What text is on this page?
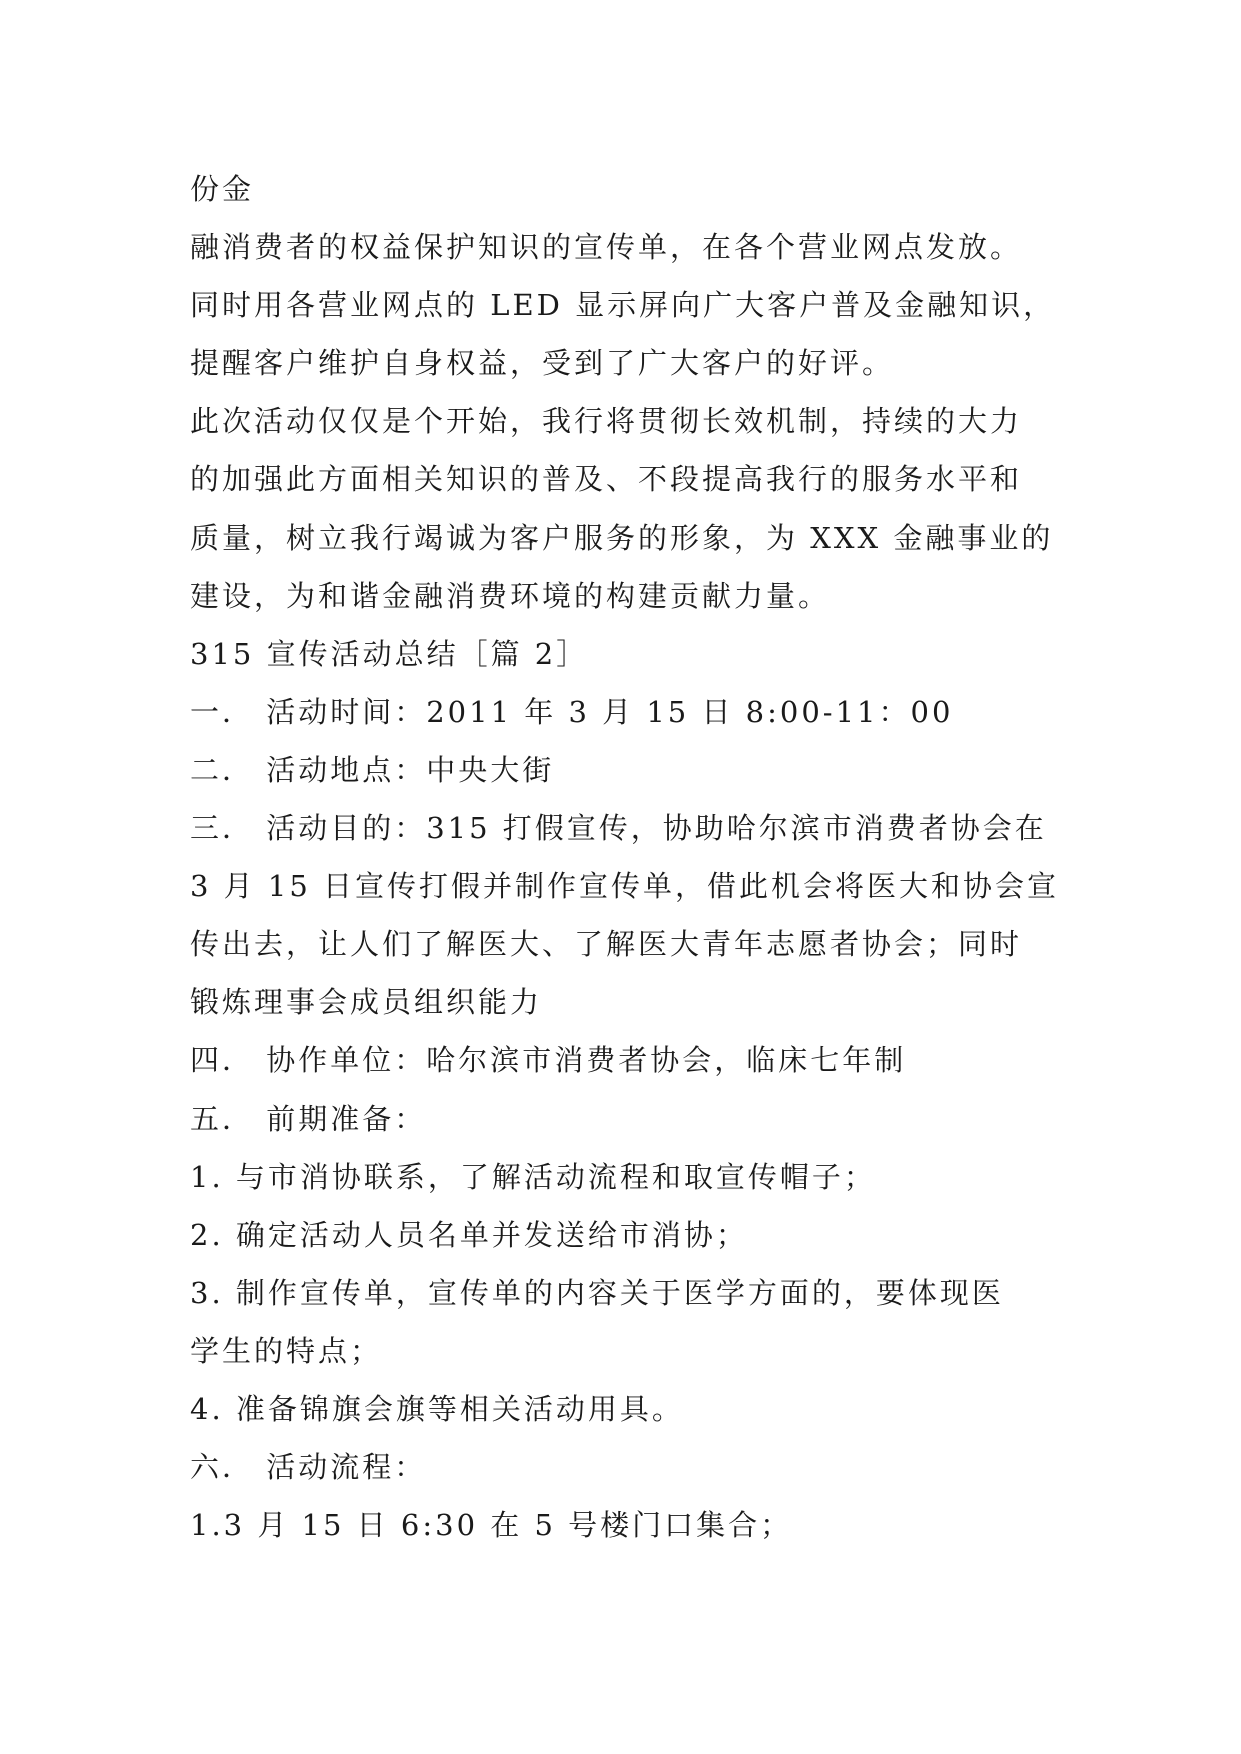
份金
融消费者的权益保护知识的宣传单，在各个营业网点发放。
同时用各营业网点的 LED 显示屏向广大客户普及金融知识，
提醒客户维护自身权益，受到了广大客户的好评。
此次活动仅仅是个开始，我行将贯彻长效机制，持续的大力
的加强此方面相关知识的普及、不段提高我行的服务水平和
质量，树立我行竭诚为客户服务的形象，为 XXX 金融事业的
建设，为和谐金融消费环境的构建贡献力量。
315 宣传活动总结［篇 2］
一． 活动时间：2011 年 3 月 15 日 8:00-11：00
二． 活动地点：中央大街
三． 活动目的：315 打假宣传，协助哈尔滨市消费者协会在
3 月 15 日宣传打假并制作宣传单，借此机会将医大和协会宣
传出去，让人们了解医大、了解医大青年志愿者协会；同时
锻炼理事会成员组织能力
四． 协作单位：哈尔滨市消费者协会，临床七年制
五． 前期准备：
1. 与市消协联系，了解活动流程和取宣传帽子；
2. 确定活动人员名单并发送给市消协；
3. 制作宣传单，宣传单的内容关于医学方面的，要体现医
学生的特点；
4. 准备锦旗会旗等相关活动用具。
六． 活动流程：
1.3 月 15 日 6:30 在 5 号楼门口集合；
